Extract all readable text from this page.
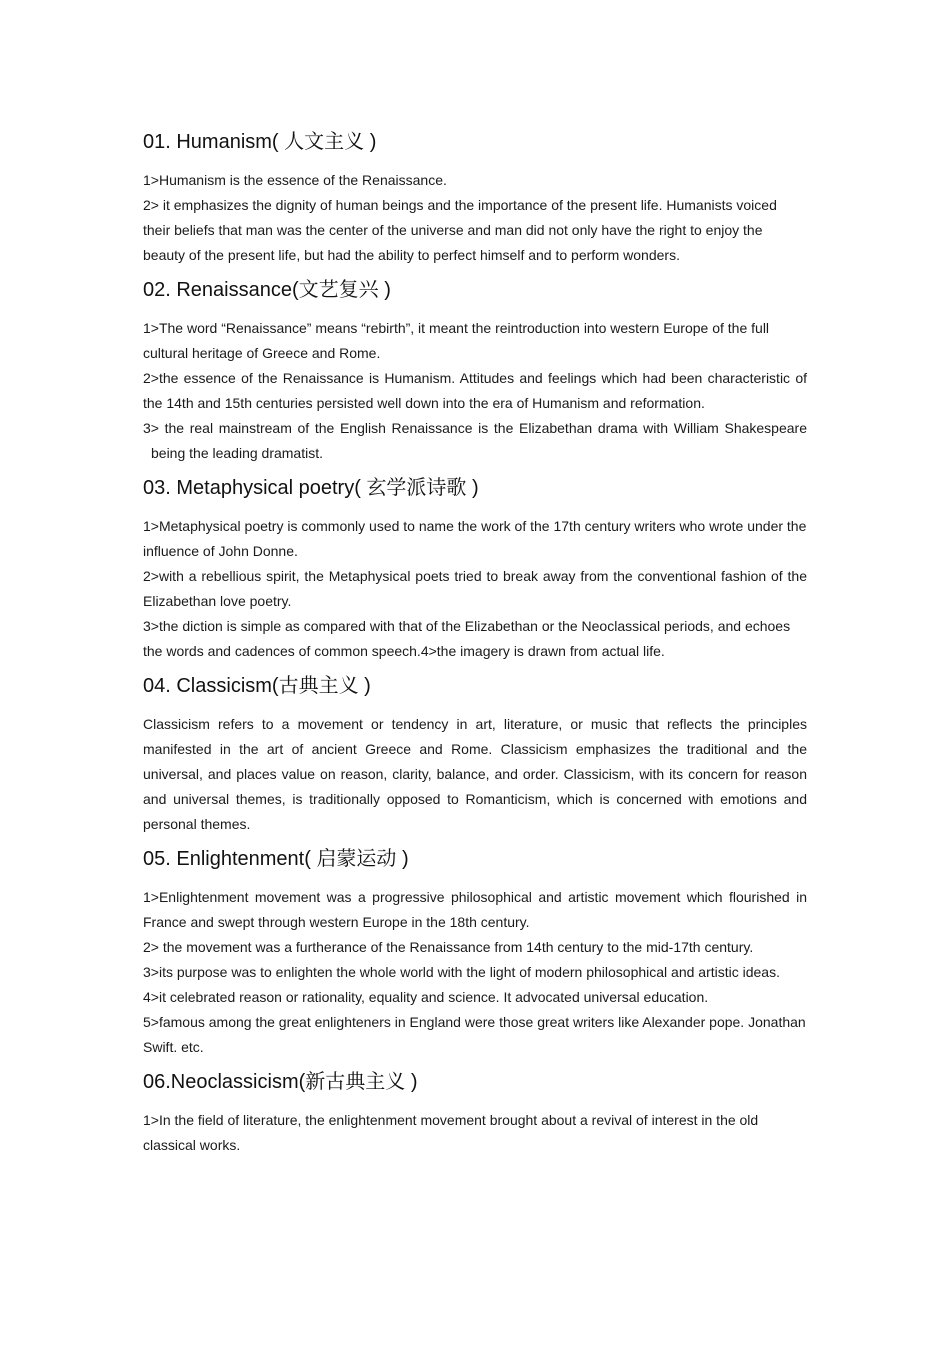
01. Humanism( 人文主义 )

1>Humanism is the essence of the Renaissance.

2> it emphasizes the dignity of human beings and the importance of the present life. Humanists voiced their beliefs that man was the center of the universe and man did not only have the right to enjoy the beauty of the present life, but had the ability to perfect himself and to perform wonders.

02. Renaissance(文艺复兴 )

1>The word “Renaissance” means “rebirth”, it meant the reintroduction into western Europe of the full cultural heritage of Greece and Rome.

2>the essence of the Renaissance is Humanism. Attitudes and feelings which had been characteristic of the 14th and 15th centuries persisted well down into the era of Humanism and reformation.

3> the real mainstream of the English Renaissance is the Elizabethan drama with William Shakespeare being the leading dramatist.

03. Metaphysical poetry( 玄学派诗歌 )

1>Metaphysical poetry is commonly used to name the work of the 17th century writers who wrote under the influence of John Donne.

2>with a rebellious spirit, the Metaphysical poets tried to break away from the conventional fashion of the Elizabethan love poetry.

3>the diction is simple as compared with that of the Elizabethan or the Neoclassical periods, and echoes the words and cadences of common speech.4>the imagery is drawn from actual life.

04. Classicism(古典主义 )

Classicism refers to a movement or tendency in art, literature, or music that reflects the principles manifested in the art of ancient Greece and Rome. Classicism emphasizes the traditional and the universal, and places value on reason, clarity, balance, and order. Classicism, with its concern for reason and universal themes, is traditionally opposed to Romanticism, which is concerned with emotions and personal themes.

05. Enlightenment( 启蒙运动 )

1>Enlightenment movement was a progressive philosophical and artistic movement which flourished in France and swept through western Europe in the 18th century.

2> the movement was a furtherance of the Renaissance from 14th century to the mid-17th century.

3>its purpose was to enlighten the whole world with the light of modern philosophical and artistic ideas.

4>it celebrated reason or rationality, equality and science. It advocated universal education.

5>famous among the great enlighteners in England were those great writers like Alexander pope. Jonathan Swift. etc.

06.Neoclassicism(新古典主义 )

1>In the field of literature, the enlightenment movement brought about a revival of interest in the old classical works.
